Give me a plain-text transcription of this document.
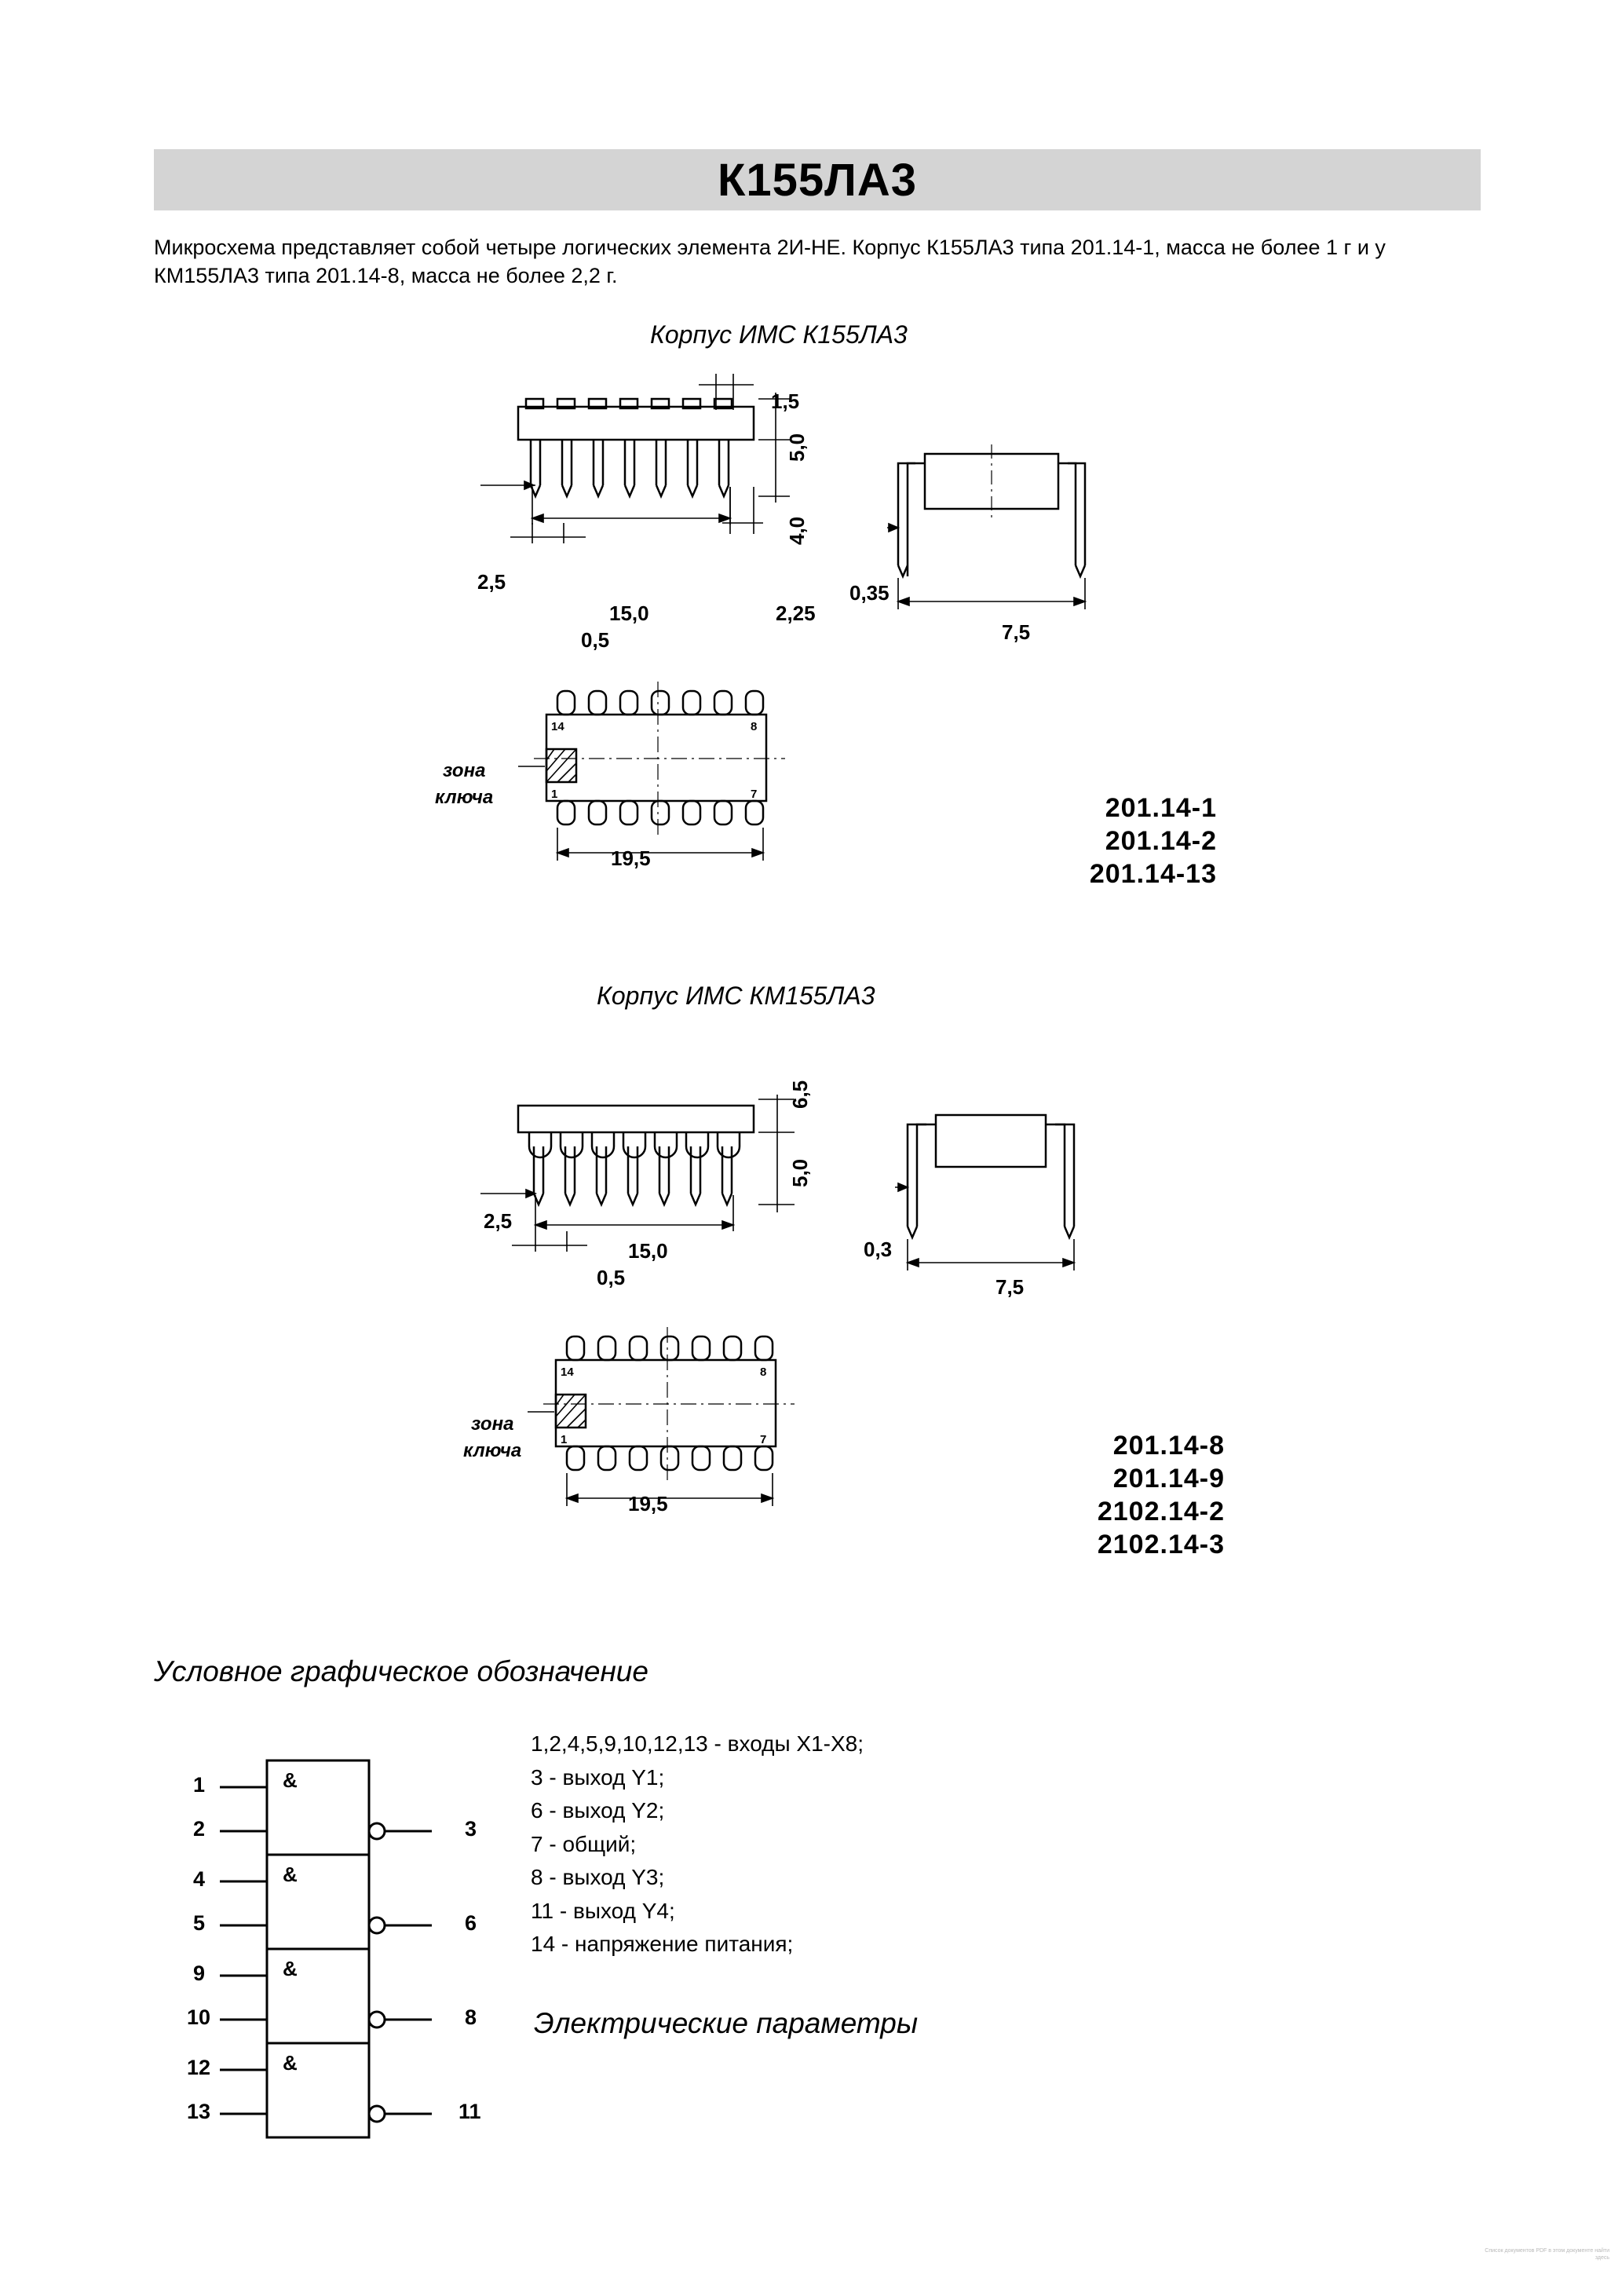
К155ЛА3
Микросхема представляет собой четыре логических элемента 2И-НЕ. Корпус К155ЛА3 типа 201.14-1, масса не более 1 г и у КМ155ЛА3 типа 201.14-8, масса не более 2,2 г.
Корпус ИМС К155ЛА3
1,5
5,0
4,0
2,5
15,0
0,5
2,25
0,35
7,5
14	8
1	7
зона
ключа
19,5
201.14-1
201.14-2
201.14-13
Корпус ИМС КМ155ЛА3
6,5
5,0
2,5
15,0
0,5
0,3
7,5
14	8
1	7
зона
ключа
19,5
201.14-8
201.14-9
2102.14-2
2102.14-3
Условное графическое обозначение
&
&
&
&
1
2
4
5
9
10
12
13
3
6
8
11
1,2,4,5,9,10,12,13 - входы X1-X8;
3 - выход Y1;
6 - выход Y2;
7 - общий;
8 - выход Y3;
11 - выход Y4;
14 - напряжение питания;
Электрические параметры
Список документов PDF в этом документе найти здесь
